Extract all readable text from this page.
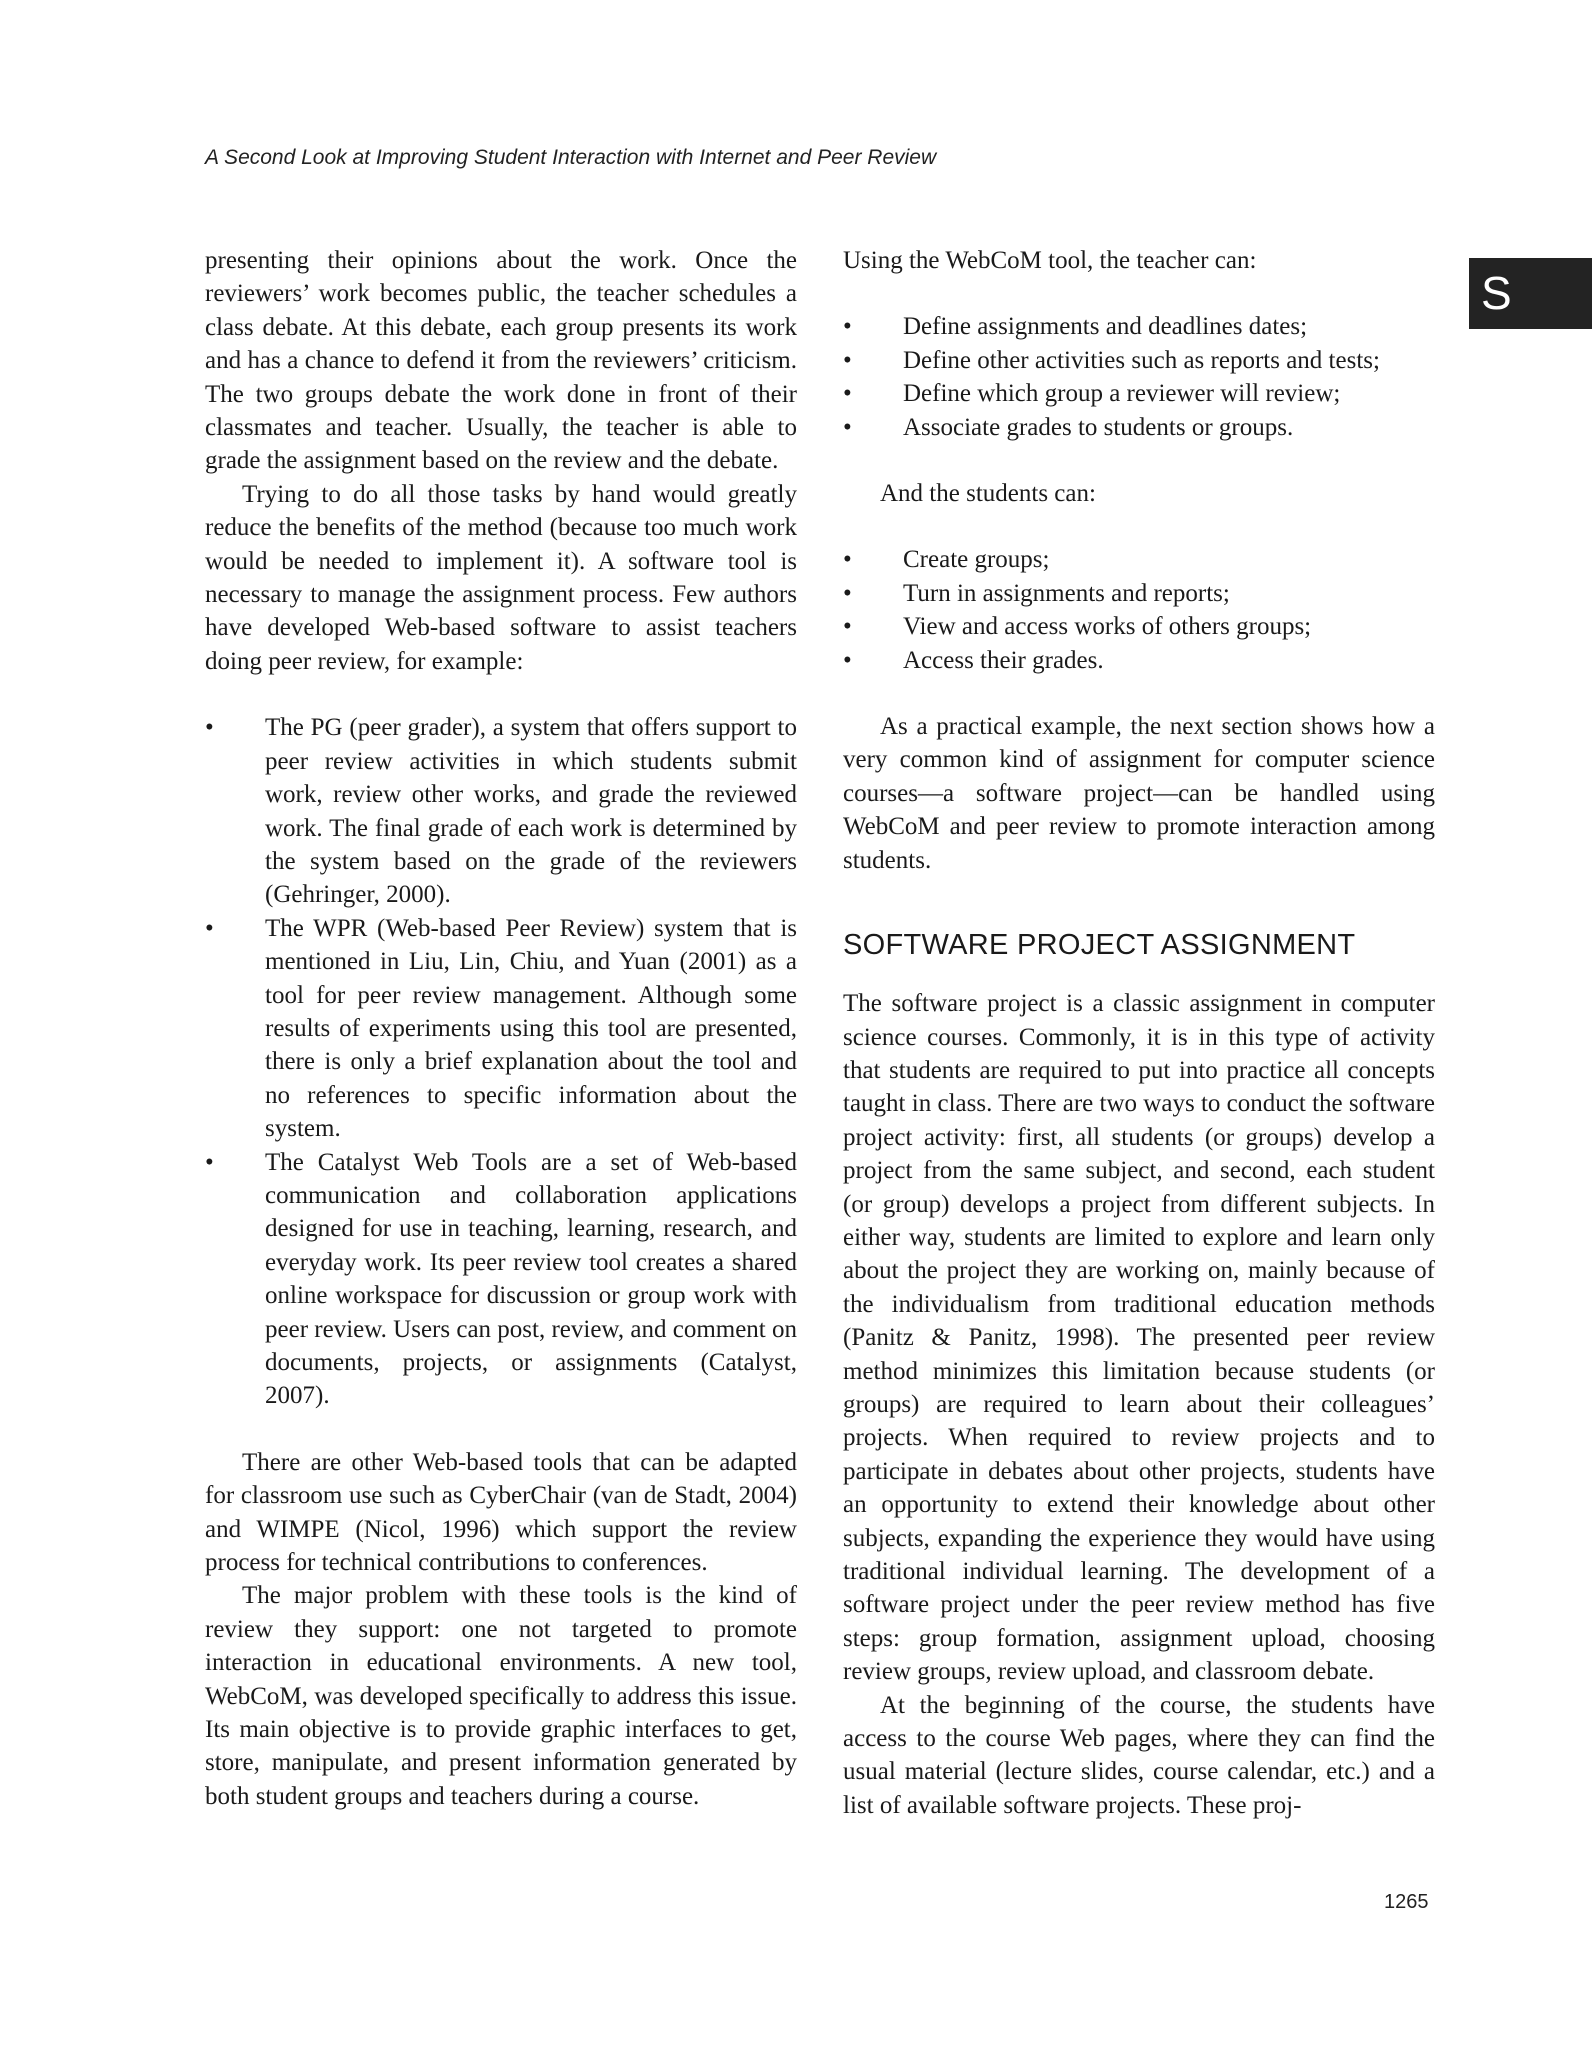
A Second Look at Improving Student Interaction with Internet and Peer Review
S

presenting their opinions about the work. Once the reviewers’ work becomes public, the teacher schedules a class debate. At this debate, each group presents its work and has a chance to defend it from the reviewers’ criticism. The two groups debate the work done in front of their classmates and teacher. Usually, the teacher is able to grade the assignment based on the review and the debate.

Trying to do all those tasks by hand would greatly reduce the benefits of the method (because too much work would be needed to implement it). A software tool is necessary to manage the assignment process. Few authors have developed Web-based software to assist teachers doing peer review, for example:

• The PG (peer grader), a system that offers support to peer review activities in which students submit work, review other works, and grade the reviewed work. The final grade of each work is determined by the system based on the grade of the reviewers (Gehringer, 2000).
• The WPR (Web-based Peer Review) system that is mentioned in Liu, Lin, Chiu, and Yuan (2001) as a tool for peer review management. Although some results of experiments using this tool are presented, there is only a brief explanation about the tool and no references to specific information about the system.
• The Catalyst Web Tools are a set of Web-based communication and collaboration applications designed for use in teaching, learning, research, and everyday work. Its peer review tool creates a shared online workspace for discussion or group work with peer review. Users can post, review, and comment on documents, projects, or assignments (Catalyst, 2007).

There are other Web-based tools that can be adapted for classroom use such as CyberChair (van de Stadt, 2004) and WIMPE (Nicol, 1996) which support the review process for technical contributions to conferences.

The major problem with these tools is the kind of review they support: one not targeted to promote interaction in educational environments. A new tool, WebCoM, was developed specifically to address this issue. Its main objective is to provide graphic interfaces to get, store, manipulate, and present information generated by both student groups and teachers during a course.

Using the WebCoM tool, the teacher can:

• Define assignments and deadlines dates;
• Define other activities such as reports and tests;
• Define which group a reviewer will review;
• Associate grades to students or groups.

And the students can:

• Create groups;
• Turn in assignments and reports;
• View and access works of others groups;
• Access their grades.

As a practical example, the next section shows how a very common kind of assignment for computer science courses—a software project—can be handled using WebCoM and peer review to promote interaction among students.

SOFTWARE PROJECT ASSIGNMENT

The software project is a classic assignment in computer science courses. Commonly, it is in this type of activity that students are required to put into practice all concepts taught in class. There are two ways to conduct the software project activity: first, all students (or groups) develop a project from the same subject, and second, each student (or group) develops a project from different subjects. In either way, students are limited to explore and learn only about the project they are working on, mainly because of the individualism from traditional education methods (Panitz & Panitz, 1998). The presented peer review method minimizes this limitation because students (or groups) are required to learn about their colleagues’ projects. When required to review projects and to participate in debates about other projects, students have an opportunity to extend their knowledge about other subjects, expanding the experience they would have using traditional individual learning. The development of a software project under the peer review method has five steps: group formation, assignment upload, choosing review groups, review upload, and classroom debate.

At the beginning of the course, the students have access to the course Web pages, where they can find the usual material (lecture slides, course calendar, etc.) and a list of available software projects. These proj-

1265
